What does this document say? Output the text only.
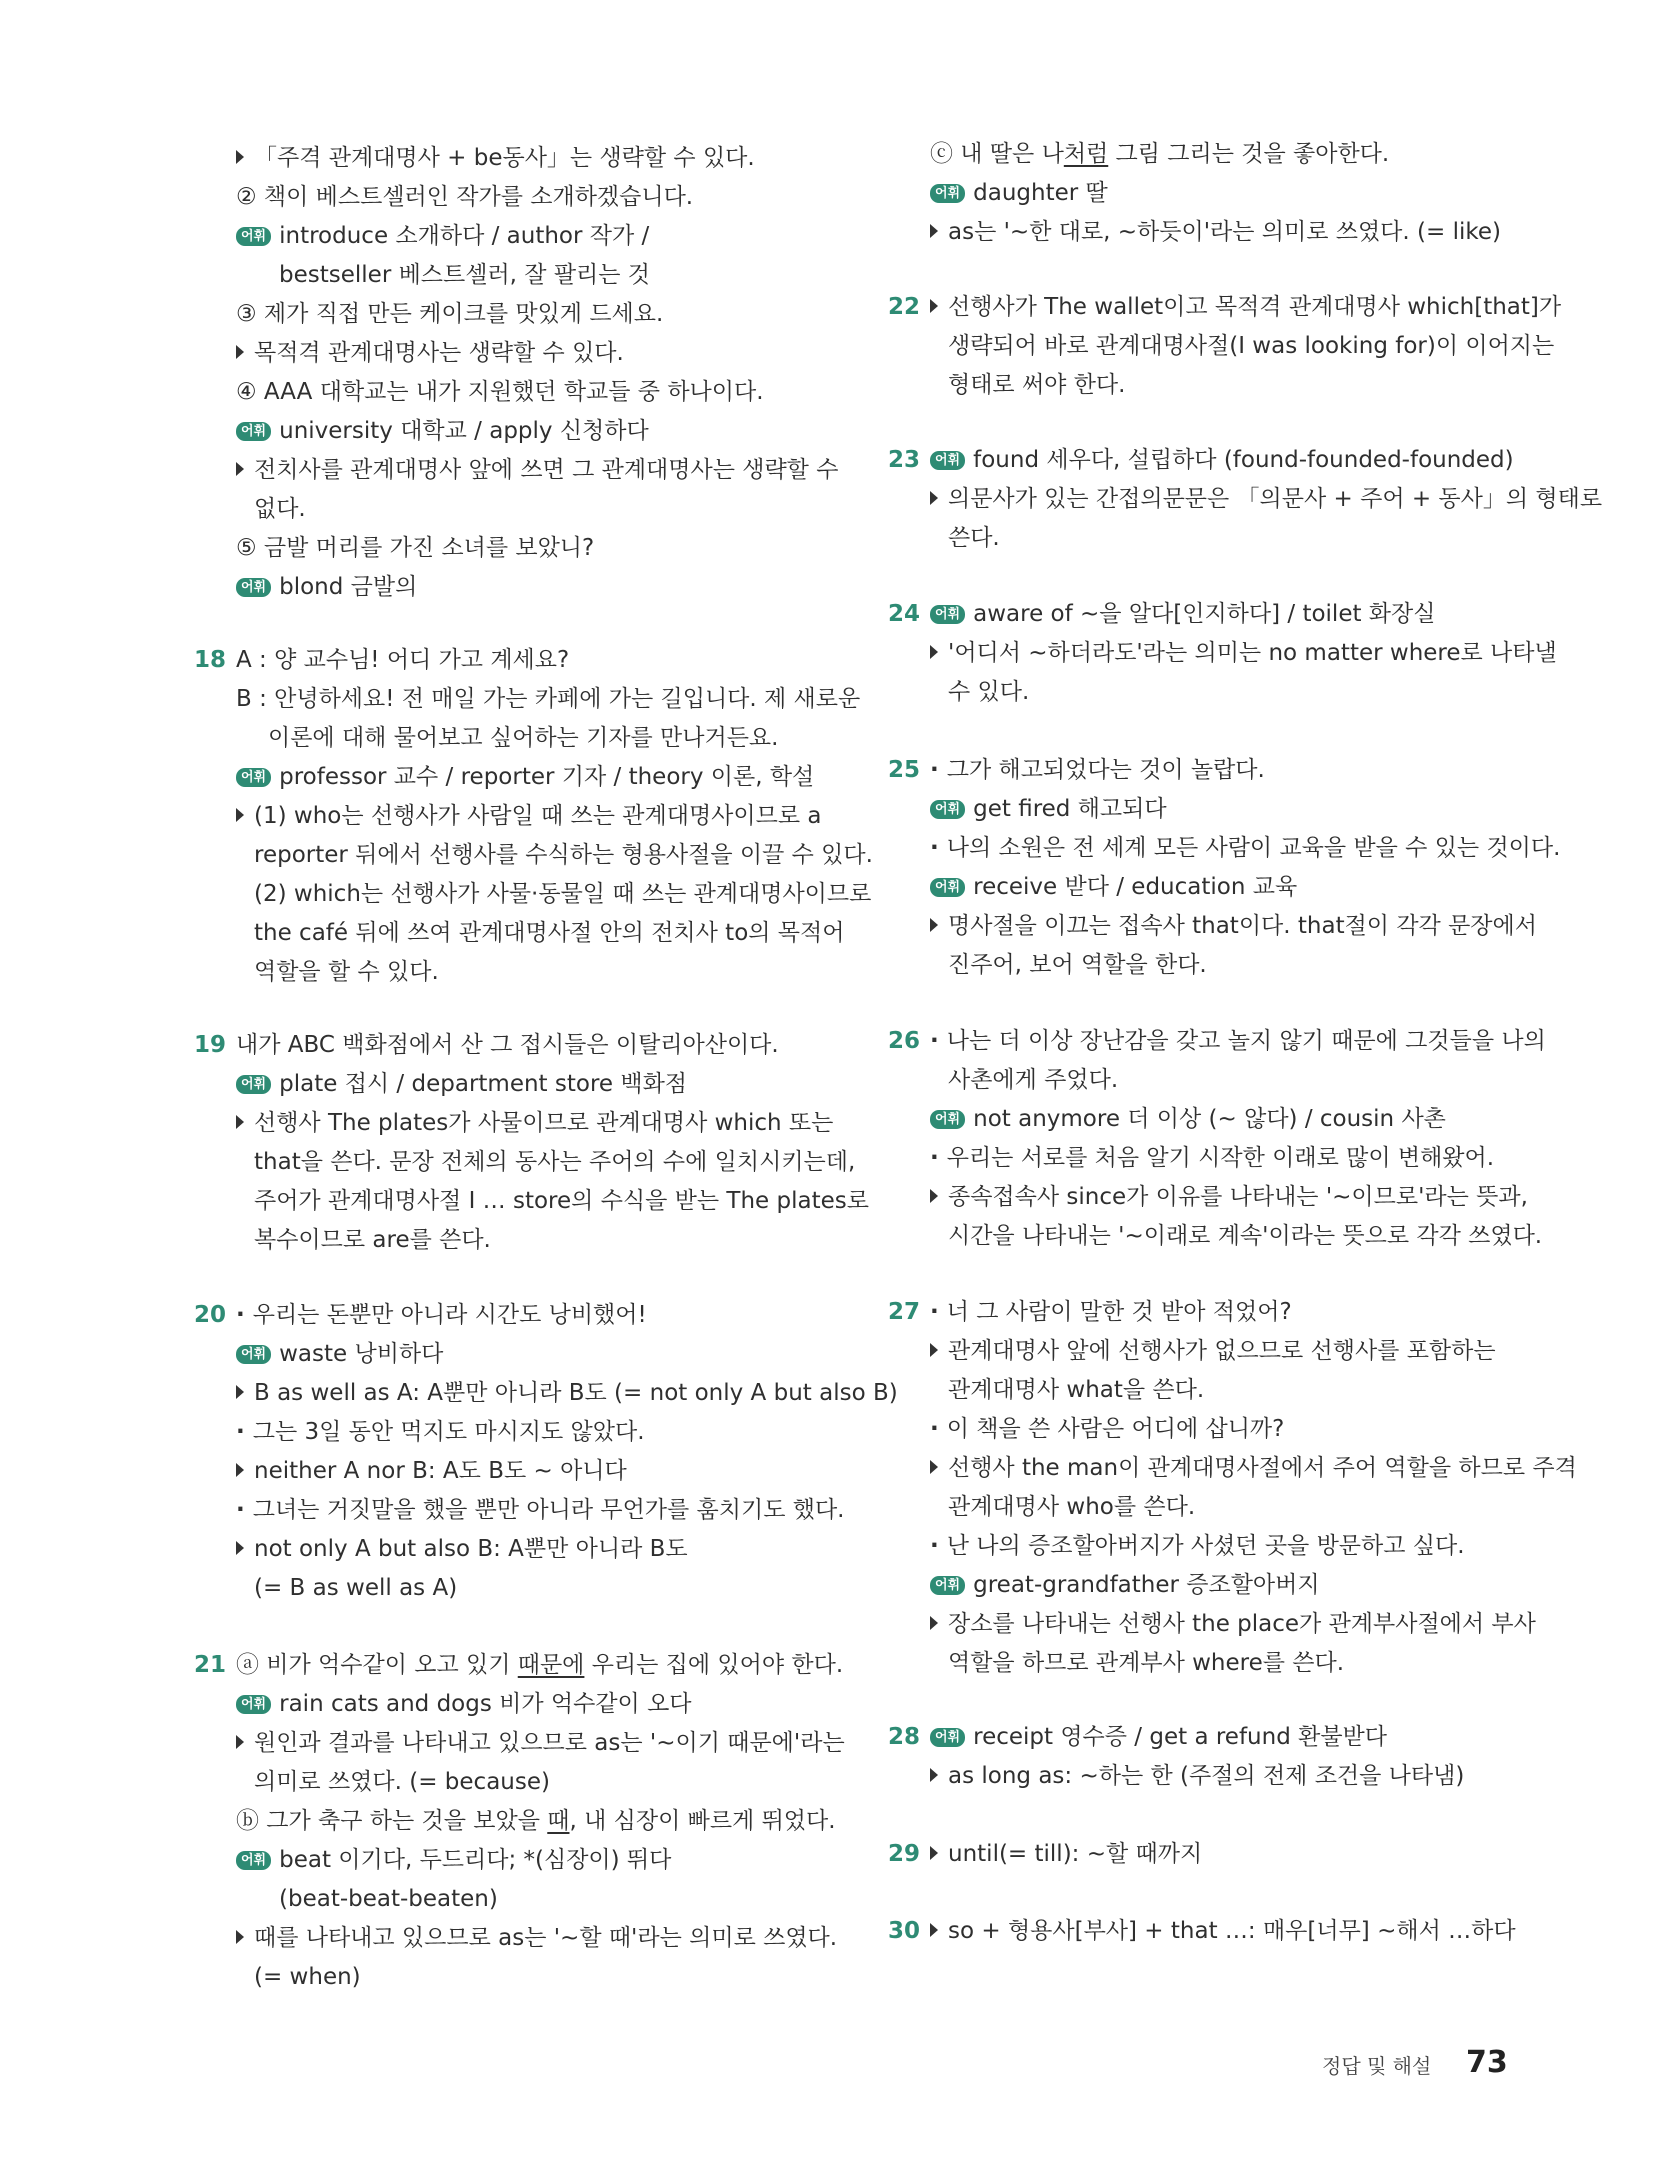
「주격 관계대명사 + be동사」는 생략할 수 있다.
② 책이 베스트셀러인 작가를 소개하겠습니다.
어휘 introduce 소개하다 / author 작가 /
bestseller 베스트셀러, 잘 팔리는 것
③ 제가 직접 만든 케이크를 맛있게 드세요.
목적격 관계대명사는 생략할 수 있다.
④ AAA 대학교는 내가 지원했던 학교들 중 하나이다.
어휘 university 대학교 / apply 신청하다
전치사를 관계대명사 앞에 쓰면 그 관계대명사는 생략할 수
없다.
⑤ 금발 머리를 가진 소녀를 보았니?
어휘 blond 금발의
18 A : 양 교수님! 어디 가고 계세요?
B : 안녕하세요! 전 매일 가는 카페에 가는 길입니다. 제 새로운
이론에 대해 물어보고 싶어하는 기자를 만나거든요.
어휘 professor 교수 / reporter 기자 / theory 이론, 학설
(1) who는 선행사가 사람일 때 쓰는 관계대명사이므로 a
reporter 뒤에서 선행사를 수식하는 형용사절을 이끌 수 있다.
(2) which는 선행사가 사물·동물일 때 쓰는 관계대명사이므로
the café 뒤에 쓰여 관계대명사절 안의 전치사 to의 목적어
역할을 할 수 있다.
19 내가 ABC 백화점에서 산 그 접시들은 이탈리아산이다.
어휘 plate 접시 / department store 백화점
선행사 The plates가 사물이므로 관계대명사 which 또는
that을 쓴다. 문장 전체의 동사는 주어의 수에 일치시키는데,
주어가 관계대명사절 I … store의 수식을 받는 The plates로
복수이므로 are를 쓴다.
20 · 우리는 돈뿐만 아니라 시간도 낭비했어!
어휘 waste 낭비하다
B as well as A: A뿐만 아니라 B도 (= not only A but also B)
· 그는 3일 동안 먹지도 마시지도 않았다.
neither A nor B: A도 B도 ~ 아니다
· 그녀는 거짓말을 했을 뿐만 아니라 무언가를 훔치기도 했다.
not only A but also B: A뿐만 아니라 B도
(= B as well as A)
21 ⓐ 비가 억수같이 오고 있기 때문에 우리는 집에 있어야 한다.
어휘 rain cats and dogs 비가 억수같이 오다
원인과 결과를 나타내고 있으므로 as는 '~이기 때문에'라는
의미로 쓰였다. (= because)
ⓑ 그가 축구 하는 것을 보았을 때, 내 심장이 빠르게 뛰었다.
어휘 beat 이기다, 두드리다; *(심장이) 뛰다
(beat-beat-beaten)
때를 나타내고 있으므로 as는 '~할 때'라는 의미로 쓰였다.
(= when)
ⓒ 내 딸은 나처럼 그림 그리는 것을 좋아한다.
어휘 daughter 딸
as는 '~한 대로, ~하듯이'라는 의미로 쓰였다. (= like)
22	선행사가 The wallet이고 목적격 관계대명사 which[that]가
생략되어 바로 관계대명사절(I was looking for)이 이어지는
형태로 써야 한다.
23	어휘 found 세우다, 설립하다 (found-founded-founded)
의문사가 있는 간접의문문은 「의문사 + 주어 + 동사」의 형태로
쓴다.
24	어휘 aware of ~을 알다[인지하다] / toilet 화장실
'어디서 ~하더라도'라는 의미는 no matter where로 나타낼
수 있다.
25 · 그가 해고되었다는 것이 놀랍다.
어휘 get fired 해고되다
· 나의 소원은 전 세계 모든 사람이 교육을 받을 수 있는 것이다.
어휘 receive 받다 / education 교육
명사절을 이끄는 접속사 that이다. that절이 각각 문장에서
진주어, 보어 역할을 한다.
26 · 나는 더 이상 장난감을 갖고 놀지 않기 때문에 그것들을 나의
사촌에게 주었다.
어휘 not anymore 더 이상 (~ 않다) / cousin 사촌
· 우리는 서로를 처음 알기 시작한 이래로 많이 변해왔어.
종속접속사 since가 이유를 나타내는 '~이므로'라는 뜻과,
시간을 나타내는 '~이래로 계속'이라는 뜻으로 각각 쓰였다.
27 · 너 그 사람이 말한 것 받아 적었어?
관계대명사 앞에 선행사가 없으므로 선행사를 포함하는
관계대명사 what을 쓴다.
· 이 책을 쓴 사람은 어디에 삽니까?
선행사 the man이 관계대명사절에서 주어 역할을 하므로 주격
관계대명사 who를 쓴다.
· 난 나의 증조할아버지가 사셨던 곳을 방문하고 싶다.
어휘 great-grandfather 증조할아버지
장소를 나타내는 선행사 the place가 관계부사절에서 부사
역할을 하므로 관계부사 where를 쓴다.
28	어휘 receipt 영수증 / get a refund 환불받다
as long as: ~하는 한 (주절의 전제 조건을 나타냄)
29	until(= till): ~할 때까지
30	so + 형용사[부사] + that …: 매우[너무] ~해서 …하다
정답 및 해설 73
